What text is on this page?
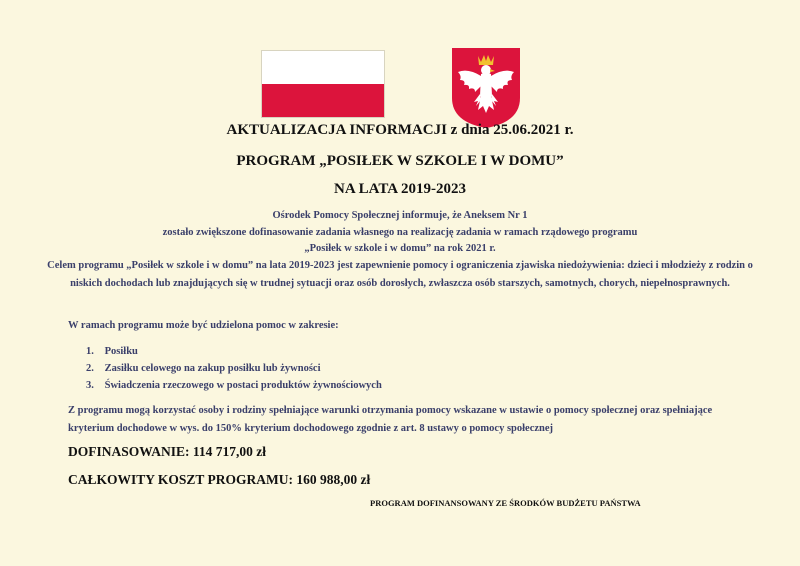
AKTUALIZACJA INFORMACJI z dnia 25.06.2021 r.
PROGRAM „POSIŁEK W SZKOLE I W DOMU”
NA LATA 2019-2023
Ośrodek Pomocy Społecznej informuje, że Aneksem Nr 1
zostało zwiększone dofinasowanie zadania własnego na realizację zadania w ramach rządowego programu
„Posiłek w szkole i w domu” na rok 2021 r.
Celem programu „Posiłek w szkole i w domu” na lata 2019-2023 jest zapewnienie pomocy i ograniczenia zjawiska niedożywienia: dzieci i młodzieży z rodzin o niskich dochodach lub znajdujących się w trudnej sytuacji oraz osób dorosłych, zwłaszcza osób starszych, samotnych, chorych, niepełnosprawnych.
W ramach programu może być udzielona pomoc w zakresie:
1. Posiłku
2. Zasiłku celowego na zakup posiłku lub żywności
3. Świadczenia rzeczowego w postaci produktów żywnościowych
Z programu mogą korzystać osoby i rodziny spełniające warunki otrzymania pomocy wskazane w ustawie o pomocy społecznej oraz spełniające kryterium dochodowe w wys. do 150% kryterium dochodowego zgodnie z art. 8 ustawy o pomocy społecznej
DOFINASOWANIE: 114 717,00 zł
CAŁKOWITY KOSZT PROGRAMU: 160 988,00 zł
PROGRAM DOFINANSOWANY ZE ŚRODKÓW BUDŻETU PAŃSTWA
